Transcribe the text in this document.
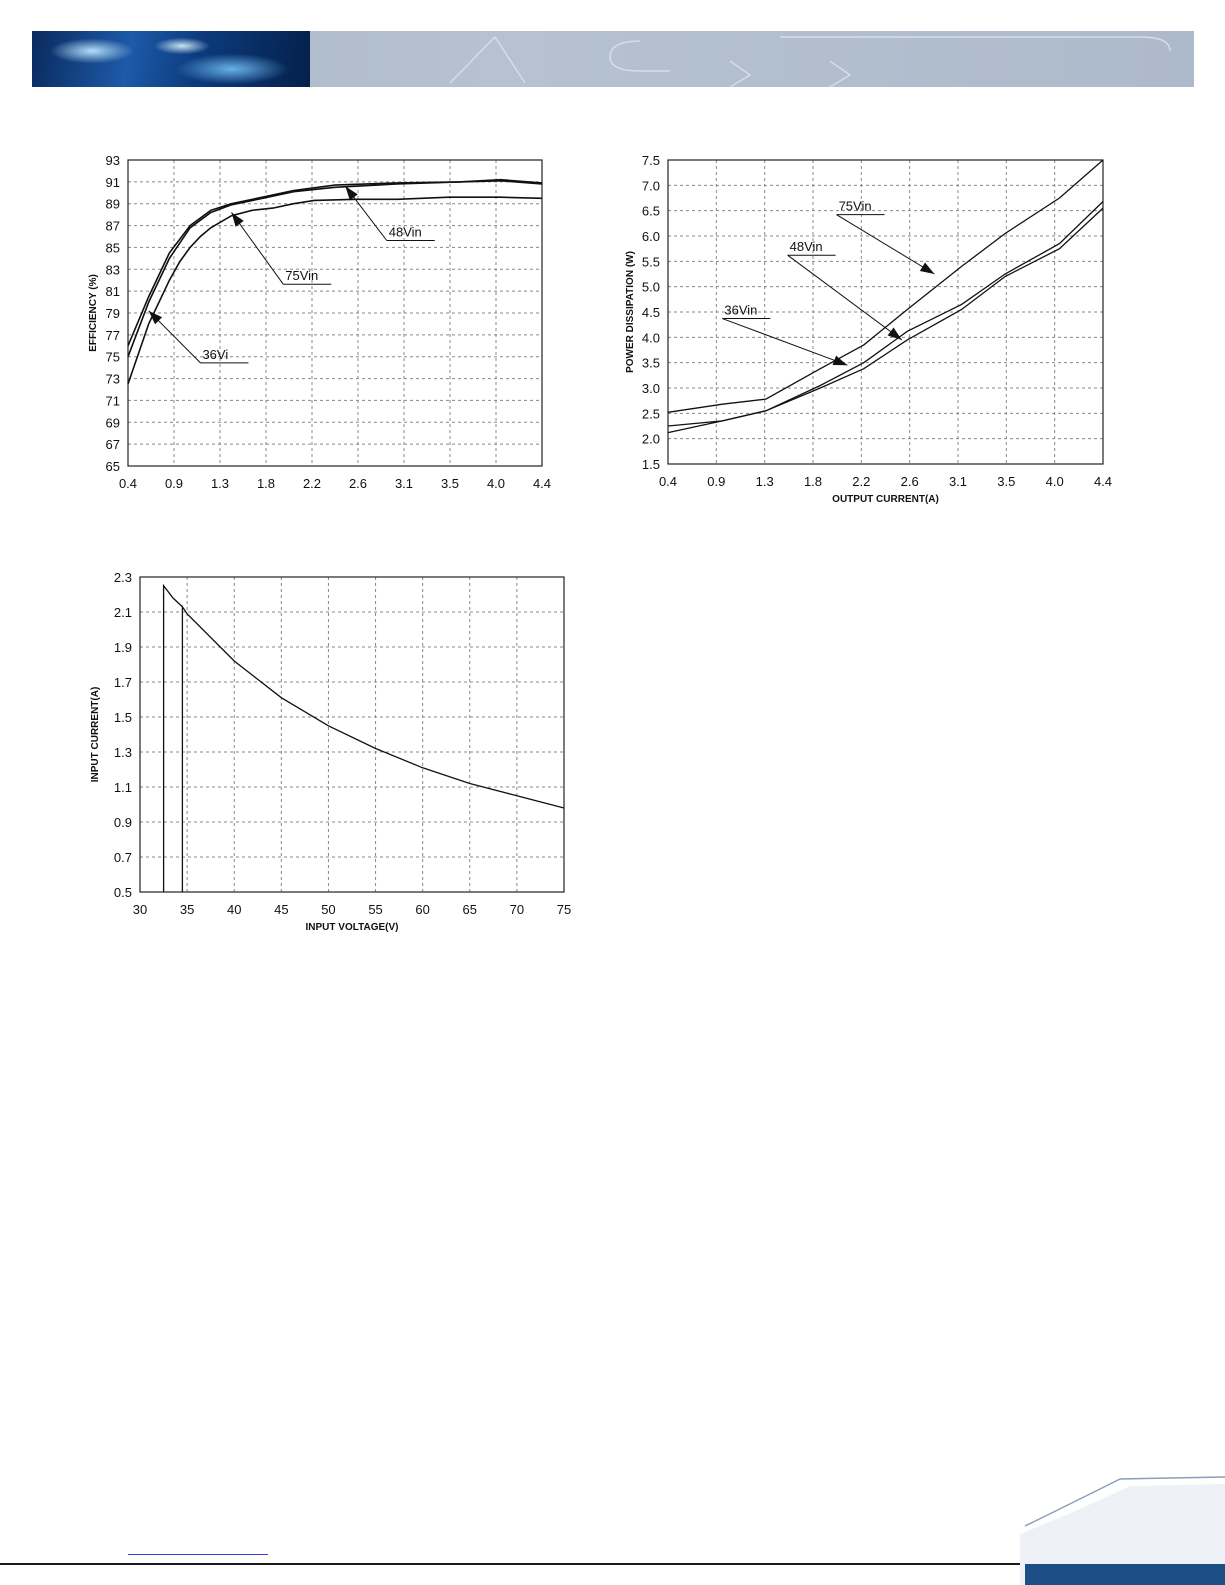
0.4 0.9 1.3 1.8 2.2 2.6 3.1 3.5 4.0 4.4
65
67
69
71
73
75
77
79
81
83
85
87
89
91
93
EFFICIENCY (%)
48Vin
75Vin
36Vi
0.4 0.9 1.3 1.8 2.2 2.6 3.1 3.5 4.0 4.4
1.5
2.0
2.5
3.0
3.5
4.0
4.5
5.0
5.5
6.0
6.5
7.0
7.5
POWER DISSIPATION (W)
OUTPUT CURRENT(A)
75Vin
48Vin
36Vin
30	35	40	45	50	55	60	65	70	75
0.5
0.7
0.9
1.1
1.3
1.5
1.7
1.9
2.1
2.3
INPUT CURRENT(A)
INPUT VOLTAGE(V)
